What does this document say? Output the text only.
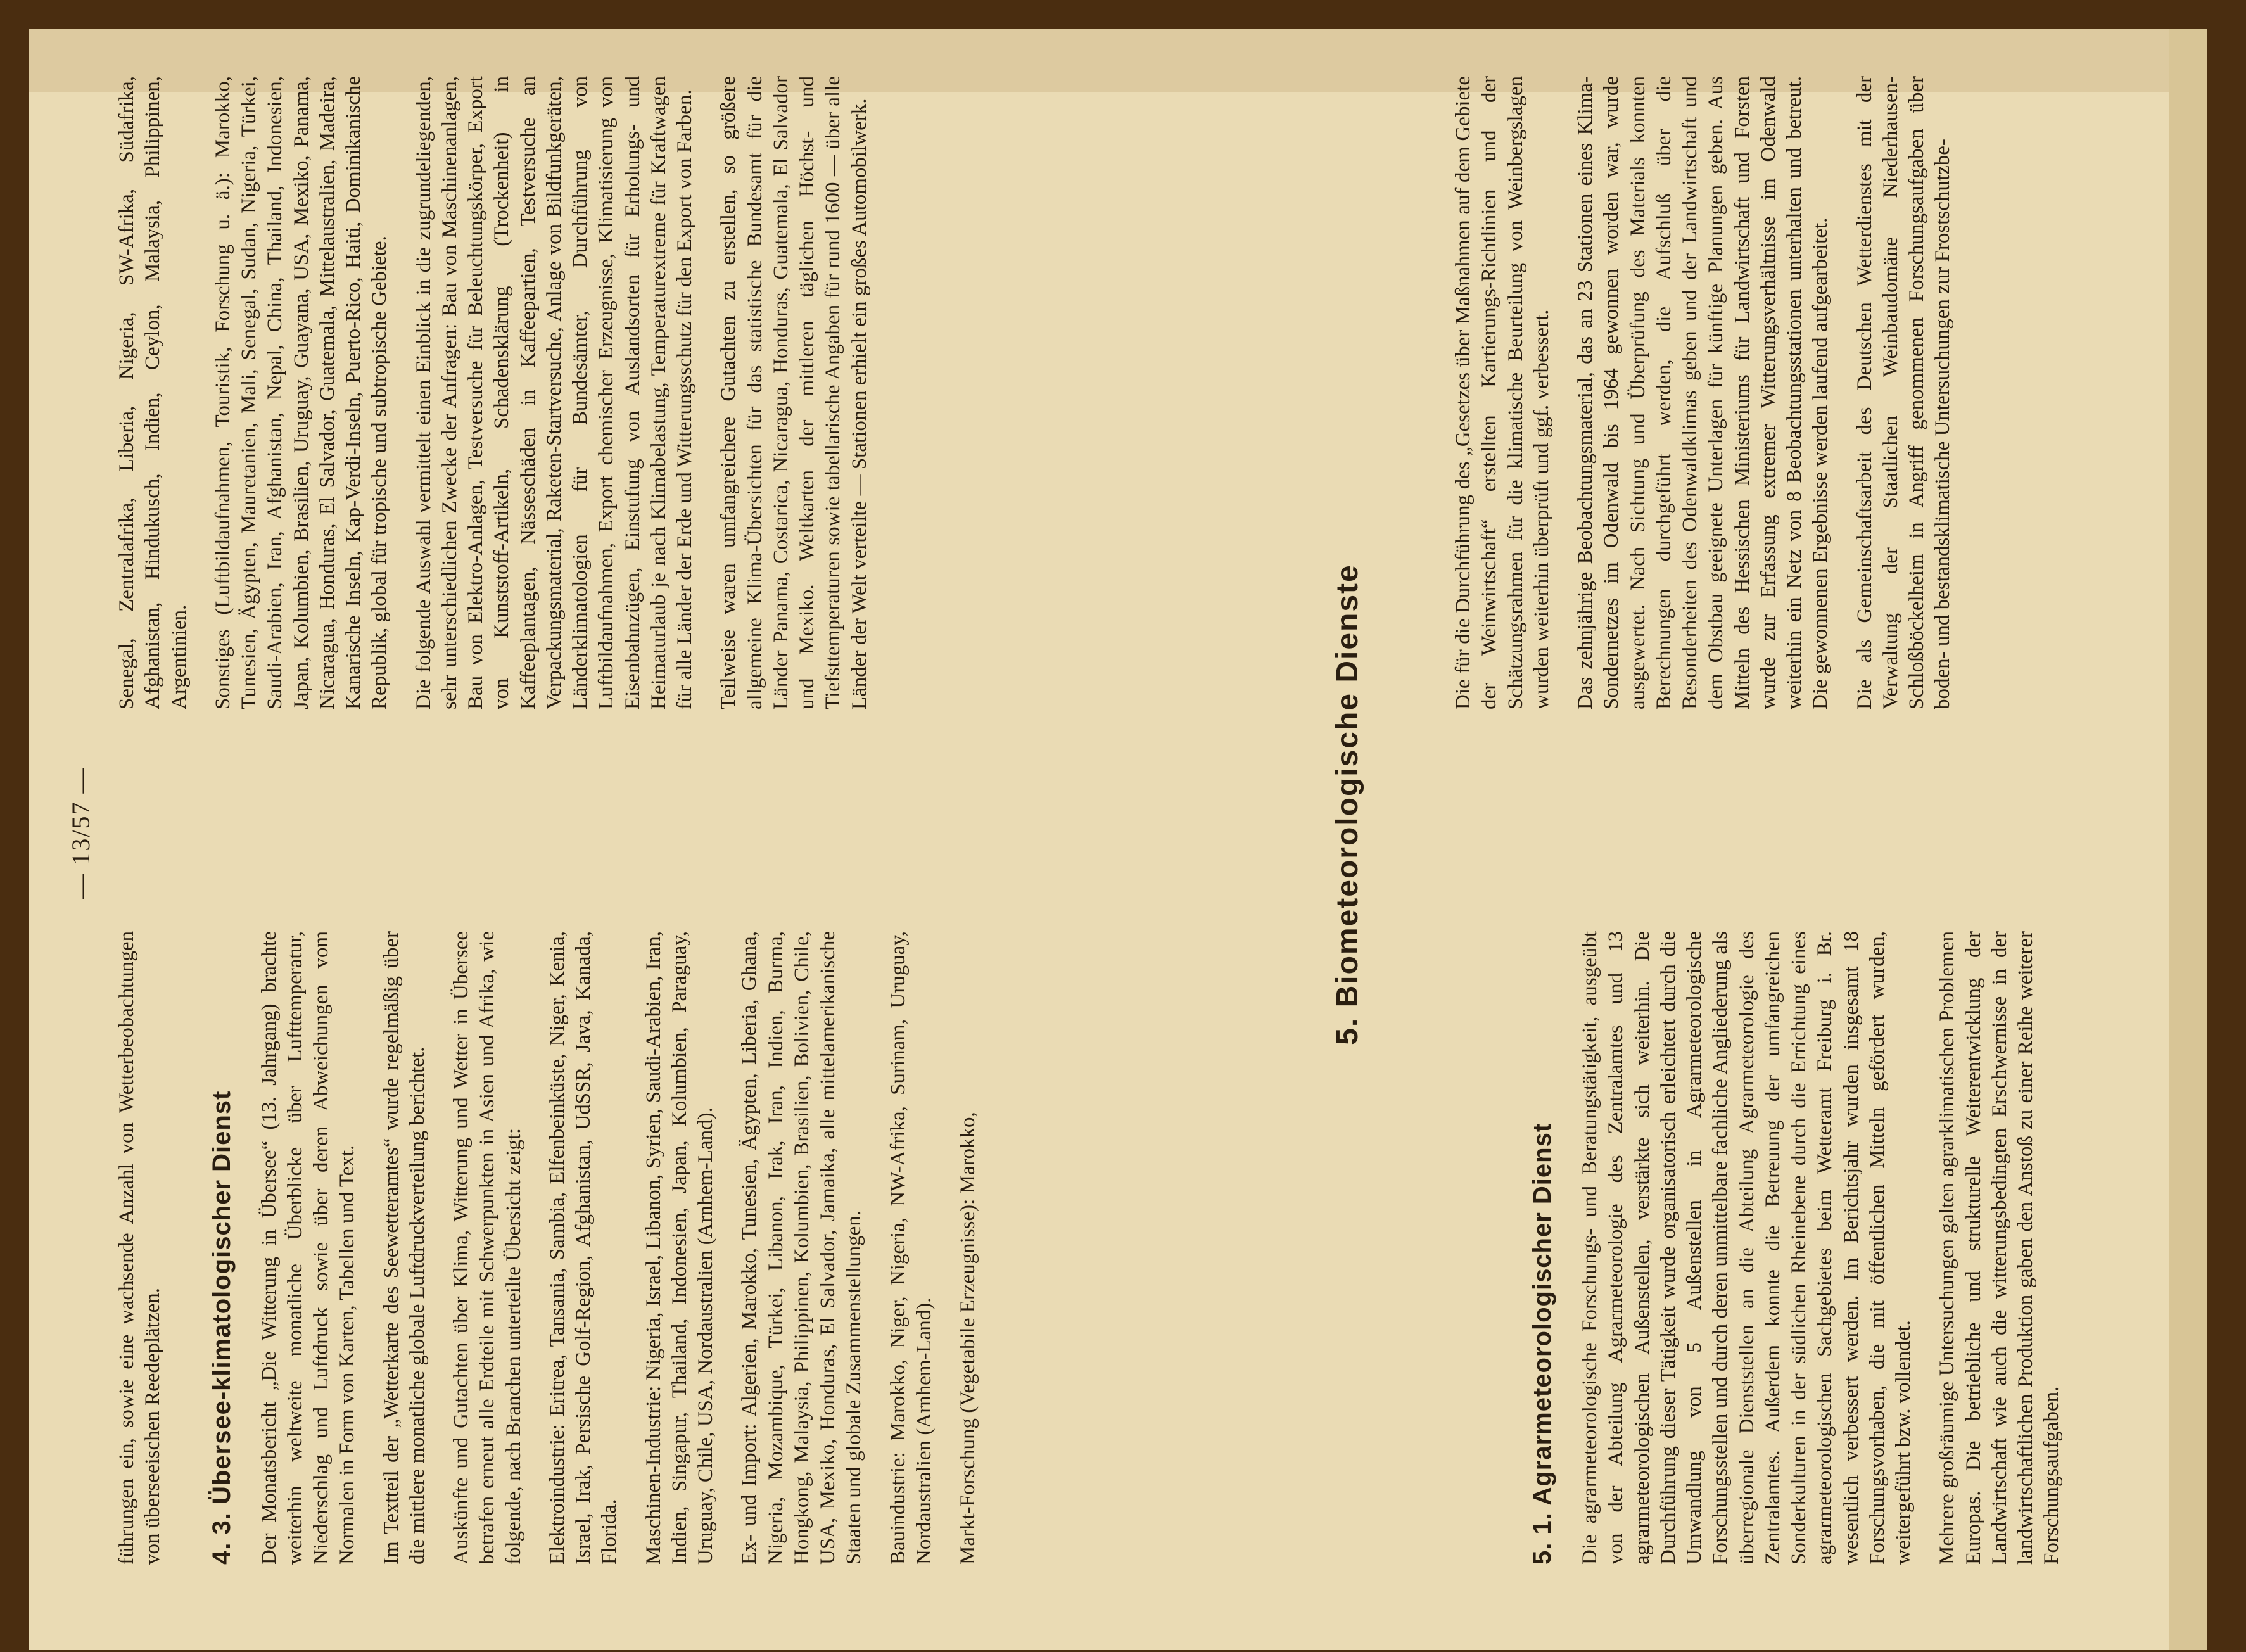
— 13/57 —

führungen ein, sowie eine wachsende Anzahl von Wetterbeobachtungen von überseeischen Reedeplätzen. 4. 3. Übersee-klimatologischer Dienst Der Monatsbericht „Die Witterung in Übersee“ (13. Jahrgang) brachte weiterhin weltweite monatliche Überblicke über Lufttemperatur, Niederschlag und Luftdruck sowie über deren Abweichungen vom Normalen in Form von Karten, Tabellen und Text. Im Textteil der „Wetterkarte des Seewetteramtes“ wurde regelmäßig über die mittlere monatliche globale Luftdruckverteilung berichtet. Auskünfte und Gutachten über Klima, Witterung und Wetter in Übersee betrafen erneut alle Erdteile mit Schwerpunkten in Asien und Afrika, wie folgende, nach Branchen unterteilte Übersicht zeigt: Elektroindustrie: Eritrea, Tansania, Sambia, Elfenbeinküste, Niger, Kenia, Israel, Irak, Persische Golf-Region, Afghanistan, UdSSR, Java, Kanada, Florida. Maschinen-Industrie: Nigeria, Israel, Libanon, Syrien, Saudi-Arabien, Iran, Indien, Singapur, Thailand, Indonesien, Japan, Kolumbien, Paraguay, Uruguay, Chile, USA, Nordaustralien (Arnhem-Land). Ex- und Import: Algerien, Marokko, Tunesien, Ägypten, Liberia, Ghana, Nigeria, Mozambique, Türkei, Libanon, Irak, Iran, Indien, Burma, Hongkong, Malaysia, Philippinen, Kolumbien, Brasilien, Bolivien, Chile, USA, Mexiko, Honduras, El Salvador, Jamaika, alle mittelamerikanische Staaten und globale Zusammenstellungen. Bauindustrie: Marokko, Niger, Nigeria, NW-Afrika, Surinam, Uruguay, Nordaustralien (Arnhem-Land). Markt-Forschung (Vegetabile Erzeugnisse): Marokko,

Senegal, Zentralafrika, Liberia, Nigeria, SW-Afrika, Südafrika, Afghanistan, Hindukusch, Indien, Ceylon, Malaysia, Philippinen, Argentinien. Sonstiges (Luftbildaufnahmen, Touristik, Forschung u. ä.): Marokko, Tunesien, Ägypten, Mauretanien, Mali, Senegal, Sudan, Nigeria, Türkei, Saudi-Arabien, Iran, Afghanistan, Nepal, China, Thailand, Indonesien, Japan, Kolumbien, Brasilien, Uruguay, Guayana, USA, Mexiko, Panama, Nicaragua, Honduras, El Salvador, Guatemala, Mittelaustralien, Madeira, Kanarische Inseln, Kap-Verdi-Inseln, Puerto-Rico, Haiti, Dominikanische Republik, global für tropische und subtropische Gebiete. Die folgende Auswahl vermittelt einen Einblick in die zugrundeliegenden, sehr unterschiedlichen Zwecke der Anfragen: Bau von Maschinenanlagen, Bau von Elektro-Anlagen, Testversuche für Beleuchtungskörper, Export von Kunststoff-Artikeln, Schadensklärung (Trockenheit) in Kaffeeplantagen, Nässeschäden in Kaffeepartien, Testversuche an Verpackungsmaterial, Raketen-Startversuche, Anlage von Bildfunkgeräten, Länderklimatologien für Bundesämter, Durchführung von Luftbildaufnahmen, Export chemischer Erzeugnisse, Klimatisierung von Eisenbahnzügen, Einstufung von Auslandsorten für Erholungs- und Heimaturlaub je nach Klimabelastung, Temperaturextreme für Kraftwagen für alle Länder der Erde und Witterungsschutz für den Export von Farben. Teilweise waren umfangreichere Gutachten zu erstellen, so größere allgemeine Klima-Übersichten für das statistische Bundesamt für die Länder Panama, Costarica, Nicaragua, Honduras, Guatemala, El Salvador und Mexiko. Weltkarten der mittleren täglichen Höchst- und Tiefsttemperaturen sowie tabellarische Angaben für rund 1600 — über alle Länder der Welt verteilte — Stationen erhielt ein großes Automobilwerk.

5. Biometeorologische Dienste
5. 1. Agrarmeteorologischer Dienst Die agrarmeteorologische Forschungs- und Beratungstätigkeit, ausgeübt von der Abteilung Agrarmeteorologie des Zentralamtes und 13 agrarmeteorologischen Außenstellen, verstärkte sich weiterhin. Die Durchführung dieser Tätigkeit wurde organisatorisch erleichtert durch die Umwandlung von 5 Außenstellen in Agrarmeteorologische Forschungsstellen und durch deren unmittelbare fachliche Angliederung als überregionale Dienststellen an die Abteilung Agrarmeteorologie des Zentralamtes. Außerdem konnte die Betreuung der umfangreichen Sonderkulturen in der südlichen Rheinebene durch die Errichtung eines agrarmeteorologischen Sachgebietes beim Wetteramt Freiburg i. Br. wesentlich verbessert werden. Im Berichtsjahr wurden insgesamt 18 Forschungsvorhaben, die mit öffentlichen Mitteln gefördert wurden, weitergeführt bzw. vollendet. Mehrere großräumige Untersuchungen galten agrarklimatischen Problemen Europas. Die betriebliche und strukturelle Weiterentwicklung der Landwirtschaft wie auch die witterungsbedingten Erschwernisse in der landwirtschaftlichen Produktion gaben den Anstoß zu einer Reihe weiterer Forschungsaufgaben.

Die für die Durchführung des „Gesetzes über Maßnahmen auf dem Gebiete der Weinwirtschaft“ erstellten Kartierungs-Richtlinien und der Schätzungsrahmen für die klimatische Beurteilung von Weinbergslagen wurden weiterhin überprüft und ggf. verbessert. Das zehnjährige Beobachtungsmaterial, das an 23 Stationen eines Klima-Sondernetzes im Odenwald bis 1964 gewonnen worden war, wurde ausgewertet. Nach Sichtung und Überprüfung des Materials konnten Berechnungen durchgeführt werden, die Aufschluß über die Besonderheiten des Odenwaldklimas geben und der Landwirtschaft und dem Obstbau geeignete Unterlagen für künftige Planungen geben. Aus Mitteln des Hessischen Ministeriums für Landwirtschaft und Forsten wurde zur Erfassung extremer Witterungsverhältnisse im Odenwald weiterhin ein Netz von 8 Beobachtungsstationen unterhalten und betreut. Die gewonnenen Ergebnisse werden laufend aufgearbeitet. Die als Gemeinschaftsarbeit des Deutschen Wetterdienstes mit der Verwaltung der Staatlichen Weinbaudomäne Niederhausen-Schloßböckelheim in Angriff genommenen Forschungsaufgaben über boden- und bestandsklimatische Untersuchungen zur Frostschutzbe-
